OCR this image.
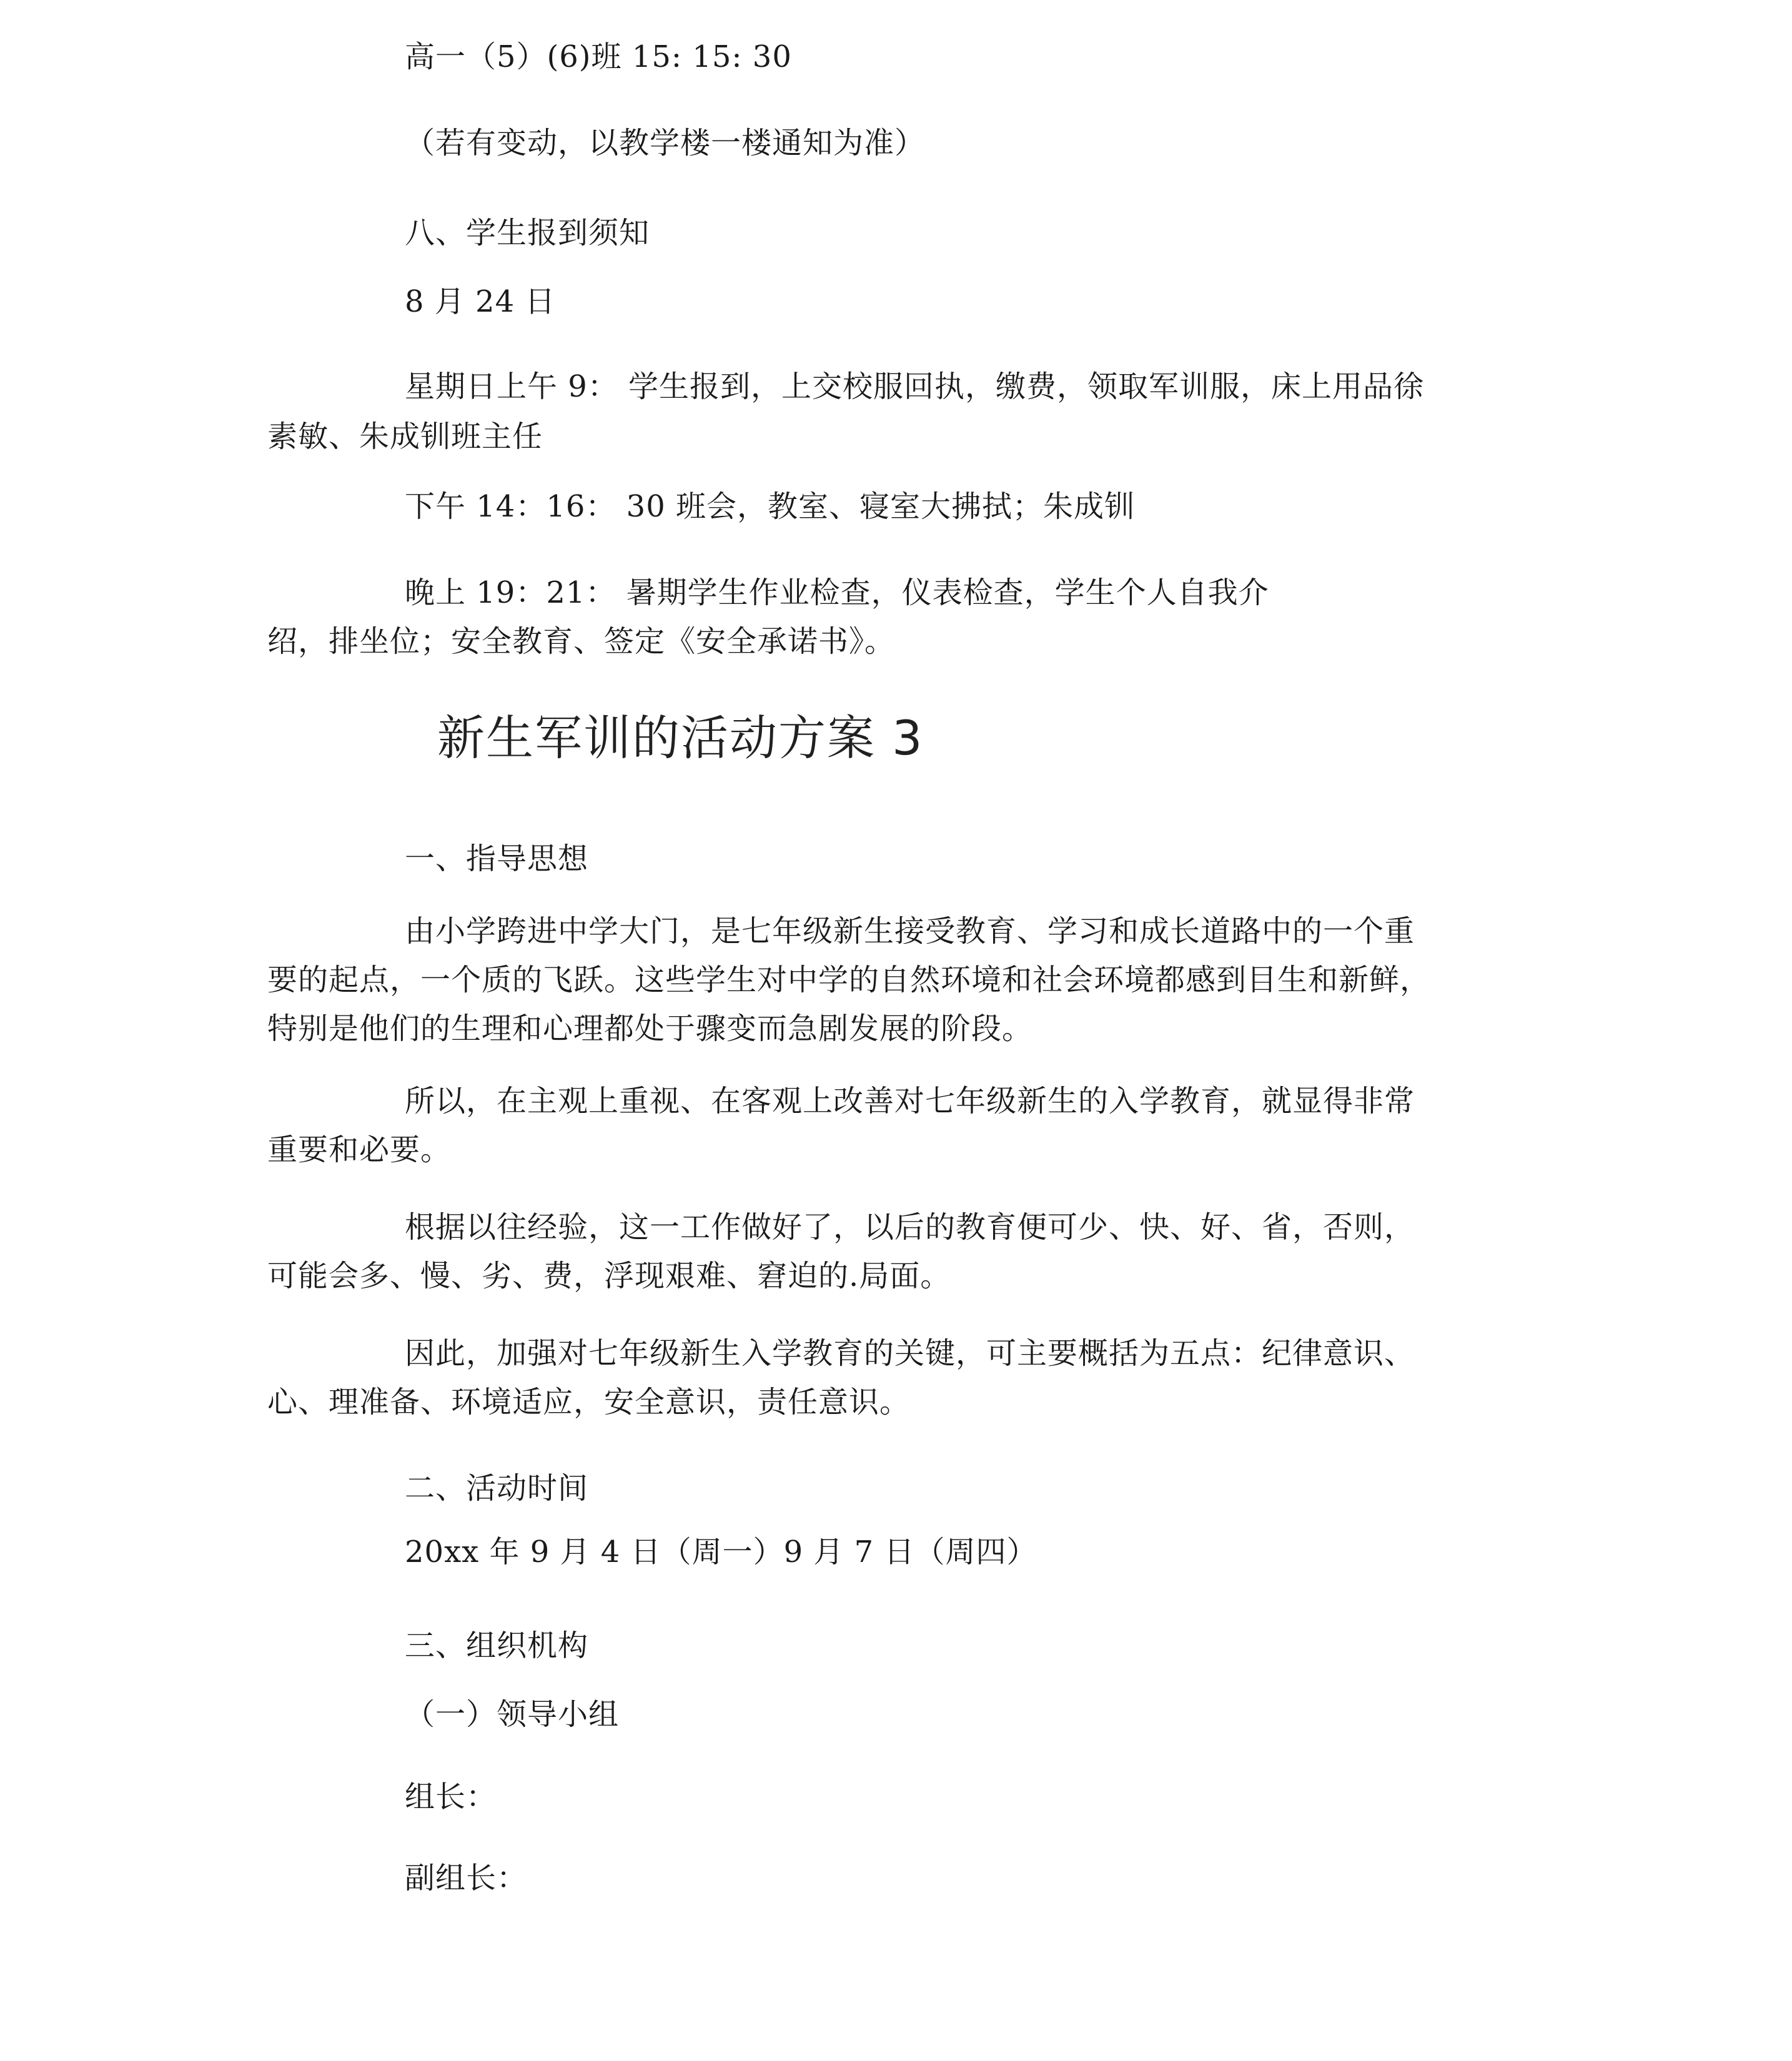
高一（5）(6)班 15: 15: 30
（若有变动，以教学楼一楼通知为准）
八、学生报到须知
8 月 24 日
星期日上午 9： 学生报到，上交校服回执，缴费，领取军训服，床上用品徐
素敏、朱成钏班主任
下午 14：16： 30 班会，教室、寝室大拂拭；朱成钏
晚上 19：21： 暑期学生作业检查，仪表检查，学生个人自我介
绍，排坐位；安全教育、签定《安全承诺书》。
新生军训的活动方案 3
一、指导思想
由小学跨进中学大门，是七年级新生接受教育、学习和成长道路中的一个重
要的起点，一个质的飞跃。这些学生对中学的自然环境和社会环境都感到目生和新鲜，
特别是他们的生理和心理都处于骤变而急剧发展的阶段。
所以，在主观上重视、在客观上改善对七年级新生的入学教育，就显得非常
重要和必要。
根据以往经验，这一工作做好了，以后的教育便可少、快、好、省，否则，
可能会多、慢、劣、费，浮现艰难、窘迫的.局面。
因此，加强对七年级新生入学教育的关键，可主要概括为五点：纪律意识、
心、理准备、环境适应，安全意识，责任意识。
二、活动时间
20xx 年 9 月 4 日（周一）9 月 7 日（周四）
三、组织机构
（一）领导小组
组长：
副组长：
